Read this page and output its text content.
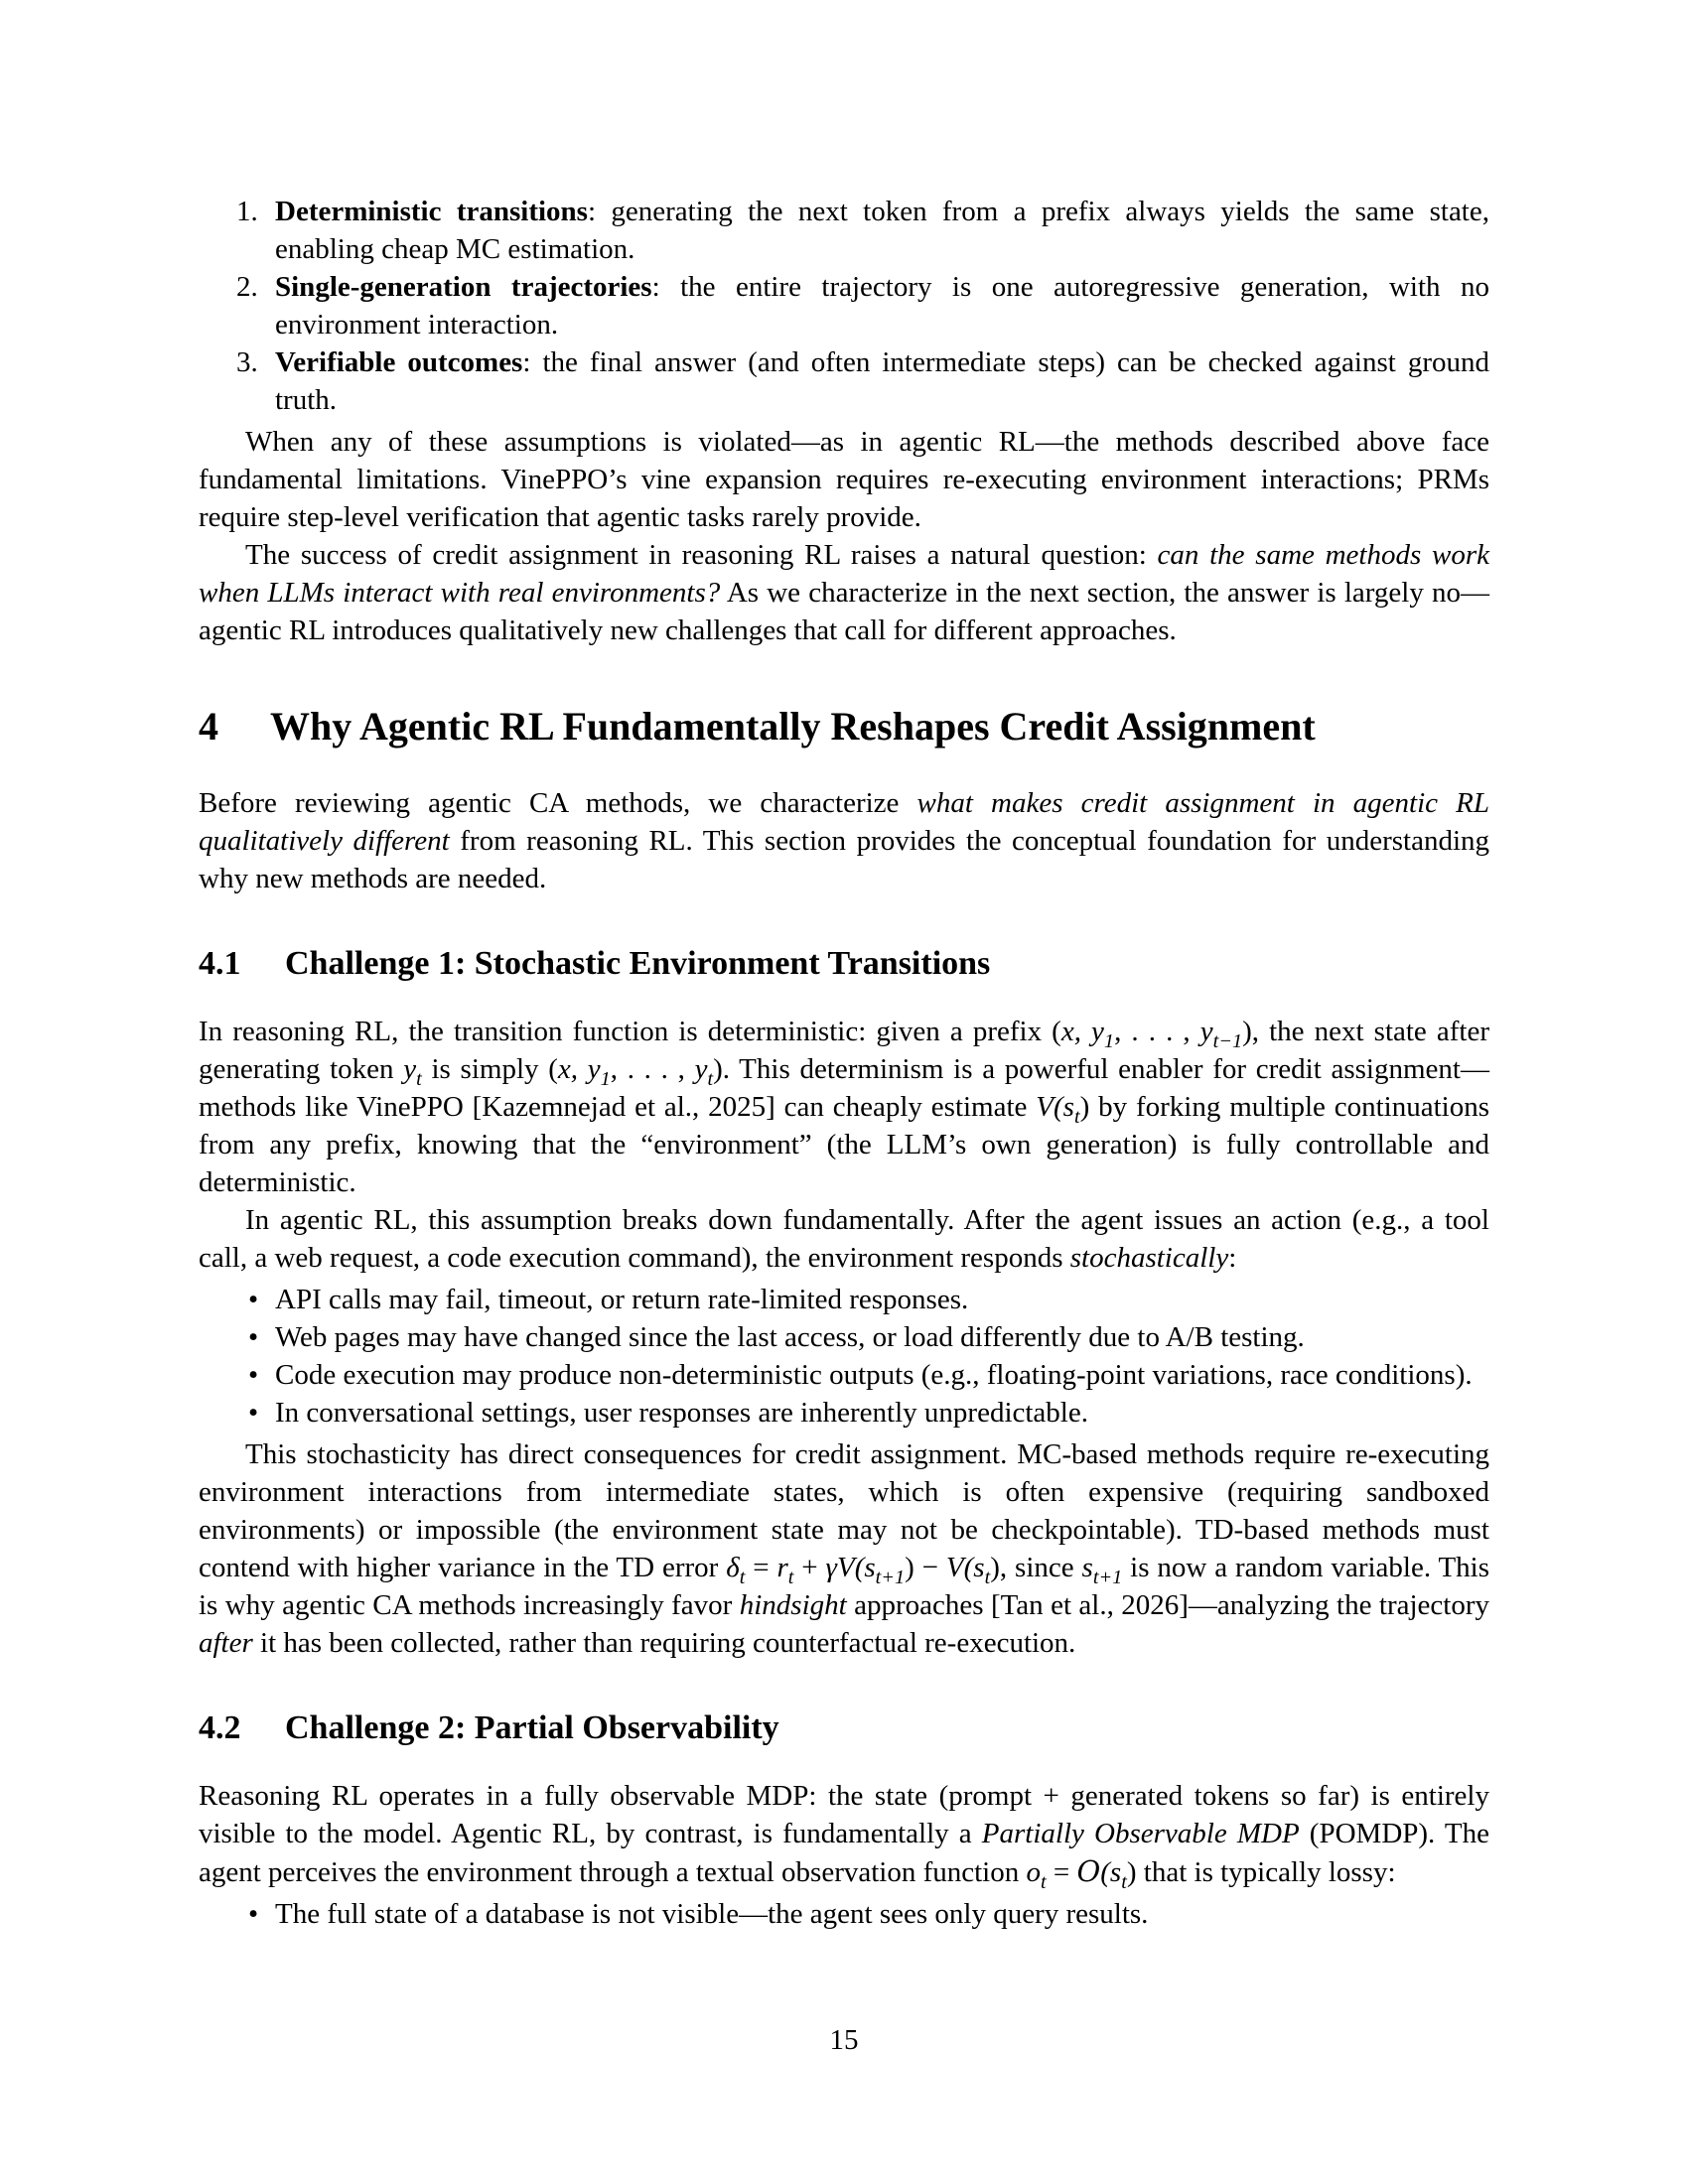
1. Deterministic transitions: generating the next token from a prefix always yields the same state, enabling cheap MC estimation.
2. Single-generation trajectories: the entire trajectory is one autoregressive generation, with no environment interaction.
3. Verifiable outcomes: the final answer (and often intermediate steps) can be checked against ground truth.

When any of these assumptions is violated—as in agentic RL—the methods described above face fundamental limitations. VinePPO’s vine expansion requires re-executing environment interactions; PRMs require step-level verification that agentic tasks rarely provide.

The success of credit assignment in reasoning RL raises a natural question: can the same methods work when LLMs interact with real environments? As we characterize in the next section, the answer is largely no—agentic RL introduces qualitatively new challenges that call for different approaches.

4 Why Agentic RL Fundamentally Reshapes Credit Assignment

Before reviewing agentic CA methods, we characterize what makes credit assignment in agentic RL qualitatively different from reasoning RL. This section provides the conceptual foundation for understanding why new methods are needed.

4.1 Challenge 1: Stochastic Environment Transitions

In reasoning RL, the transition function is deterministic: given a prefix (x, $y_1$, . . . , $y_{t-1}$), the next state after generating token $y_t$ is simply (x, $y_1$, . . . , $y_t$). This determinism is a powerful enabler for credit assignment—methods like VinePPO [Kazemnejad et al., 2025] can cheaply estimate $V(s_t)$ by forking multiple continuations from any prefix, knowing that the “environment” (the LLM’s own generation) is fully controllable and deterministic.

In agentic RL, this assumption breaks down fundamentally. After the agent issues an action (e.g., a tool call, a web request, a code execution command), the environment responds stochastically:

• API calls may fail, timeout, or return rate-limited responses.
• Web pages may have changed since the last access, or load differently due to A/B testing.
• Code execution may produce non-deterministic outputs (e.g., floating-point variations, race conditions).
• In conversational settings, user responses are inherently unpredictable.

This stochasticity has direct consequences for credit assignment. MC-based methods require re-executing environment interactions from intermediate states, which is often expensive (requiring sandboxed environments) or impossible (the environment state may not be checkpointable). TD-based methods must contend with higher variance in the TD error $\delta_t = r_t + \gamma V(s_{t+1}) - V(s_t)$, since $s_{t+1}$ is now a random variable. This is why agentic CA methods increasingly favor hindsight approaches [Tan et al., 2026]—analyzing the trajectory after it has been collected, rather than requiring counterfactual re-execution.

4.2 Challenge 2: Partial Observability

Reasoning RL operates in a fully observable MDP: the state (prompt + generated tokens so far) is entirely visible to the model. Agentic RL, by contrast, is fundamentally a Partially Observable MDP (POMDP). The agent perceives the environment through a textual observation function $o_t = O(s_t)$ that is typically lossy:

• The full state of a database is not visible—the agent sees only query results.
15
